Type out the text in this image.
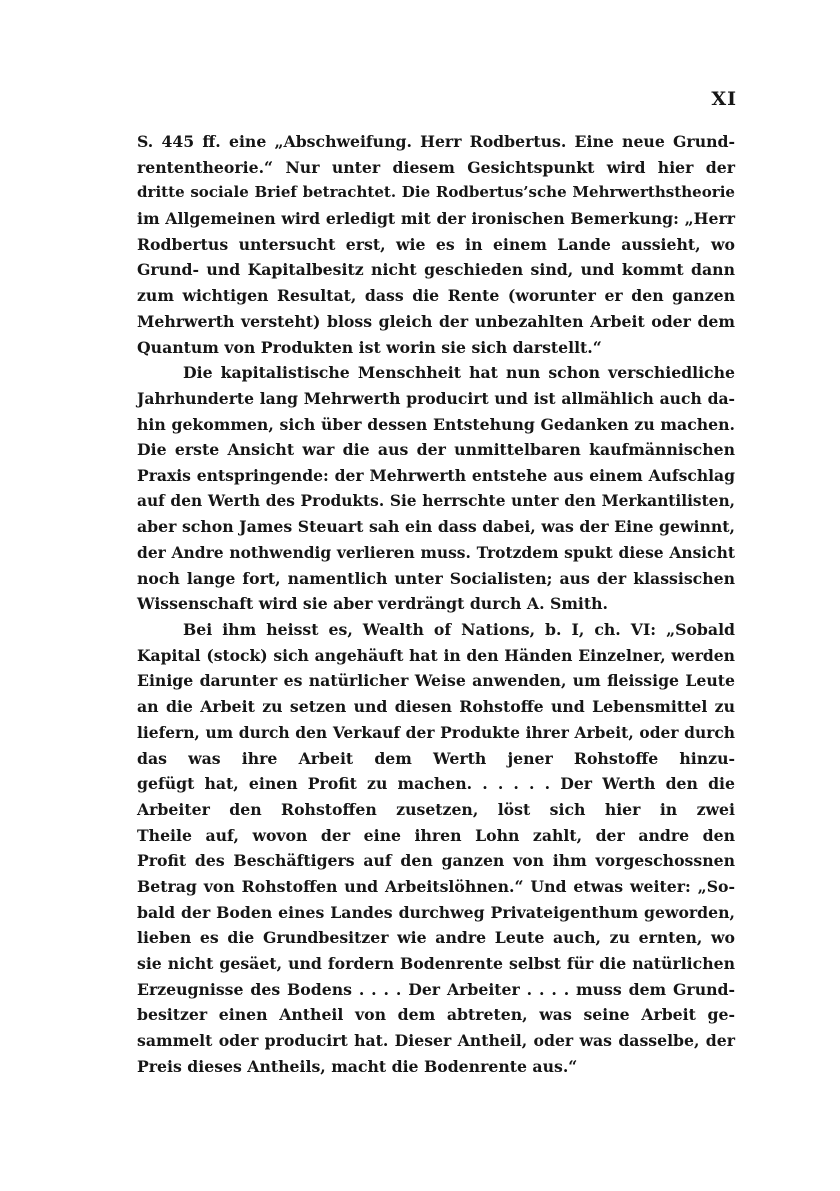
XI
S. 445 ff. eine „Abschweifung. Herr Rodbertus. Eine neue Grund-
rententheorie.“ Nur unter diesem Gesichtspunkt wird hier der
dritte sociale Brief betrachtet. Die Rodbertus’sche Mehrwerthstheorie
im Allgemeinen wird erledigt mit der ironischen Bemerkung: „Herr
Rodbertus untersucht erst, wie es in einem Lande aussieht, wo
Grund- und Kapitalbesitz nicht geschieden sind, und kommt dann
zum wichtigen Resultat, dass die Rente (worunter er den ganzen
Mehrwerth versteht) bloss gleich der unbezahlten Arbeit oder dem
Quantum von Produkten ist worin sie sich darstellt.“
Die kapitalistische Menschheit hat nun schon verschiedliche
Jahrhunderte lang Mehrwerth producirt und ist allmählich auch da-
hin gekommen, sich über dessen Entstehung Gedanken zu machen.
Die erste Ansicht war die aus der unmittelbaren kaufmännischen
Praxis entspringende: der Mehrwerth entstehe aus einem Aufschlag
auf den Werth des Produkts. Sie herrschte unter den Merkantilisten,
aber schon James Steuart sah ein dass dabei, was der Eine gewinnt,
der Andre nothwendig verlieren muss. Trotzdem spukt diese Ansicht
noch lange fort, namentlich unter Socialisten; aus der klassischen
Wissenschaft wird sie aber verdrängt durch A. Smith.
Bei ihm heisst es, Wealth of Nations, b. I, ch. VI: „Sobald
Kapital (stock) sich angehäuft hat in den Händen Einzelner, werden
Einige darunter es natürlicher Weise anwenden, um fleissige Leute
an die Arbeit zu setzen und diesen Rohstoffe und Lebensmittel zu
liefern, um durch den Verkauf der Produkte ihrer Arbeit, oder durch
das was ihre Arbeit dem Werth jener Rohstoffe hinzu-
gefügt hat, einen Profit zu machen. . . . . . Der Werth den die
Arbeiter den Rohstoffen zusetzen, löst sich hier in zwei
Theile auf, wovon der eine ihren Lohn zahlt, der andre den
Profit des Beschäftigers auf den ganzen von ihm vorgeschossnen
Betrag von Rohstoffen und Arbeitslöhnen.“ Und etwas weiter: „So-
bald der Boden eines Landes durchweg Privateigenthum geworden,
lieben es die Grundbesitzer wie andre Leute auch, zu ernten, wo
sie nicht gesäet, und fordern Bodenrente selbst für die natürlichen
Erzeugnisse des Bodens . . . . Der Arbeiter . . . . muss dem Grund-
besitzer einen Antheil von dem abtreten, was seine Arbeit ge-
sammelt oder producirt hat. Dieser Antheil, oder was dasselbe, der
Preis dieses Antheils, macht die Bodenrente aus.“
